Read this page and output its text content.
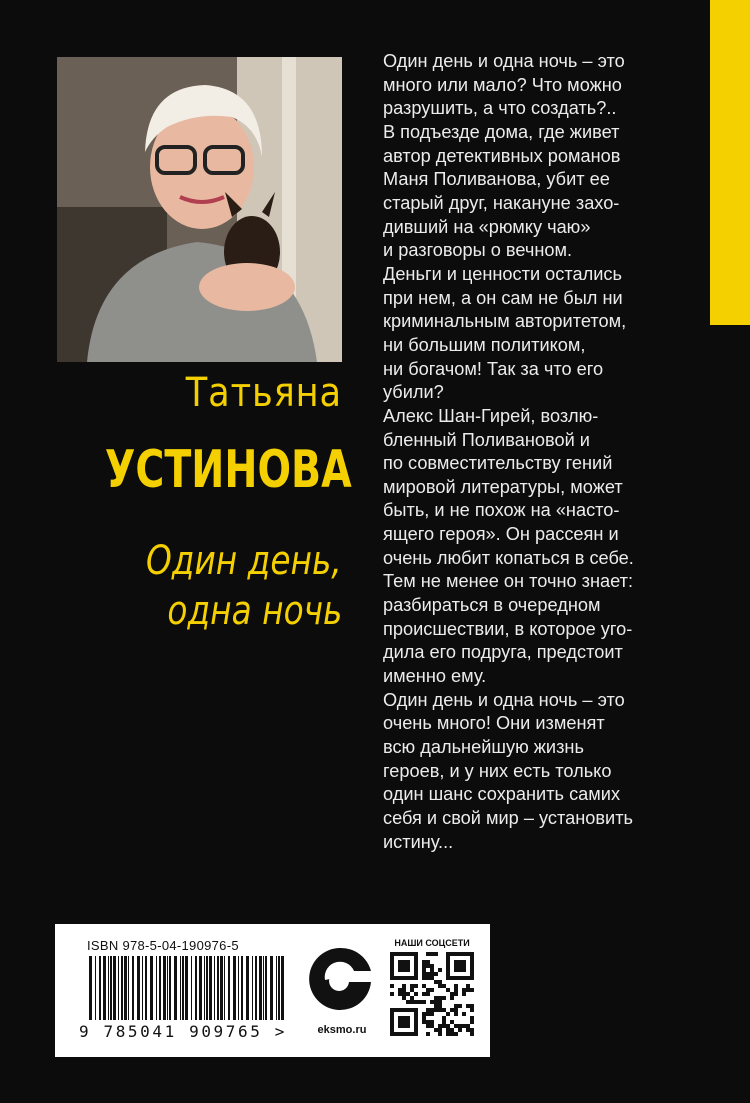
Татьяна
УСТИНОВА
Один день,
одна ночь
Один день и одна ночь – это
много или мало? Что можно
разрушить, а что создать?..
В подъезде дома, где живет
автор детективных романов
Маня Поливанова, убит ее
старый друг, накануне захо-
дивший на «рюмку чаю»
и разговоры о вечном.
Деньги и ценности остались
при нем, а он сам не был ни
криминальным авторитетом,
ни большим политиком,
ни богачом! Так за что его
убили?
Алекс Шан-Гирей, возлю-
бленный Поливановой и
по совместительству гений
мировой литературы, может
быть, и не похож на «насто-
ящего героя». Он рассеян и
очень любит копаться в себе.
Тем не менее он точно знает:
разбираться в очередном
происшествии, в которое уго-
дила его подруга, предстоит
именно ему.
Один день и одна ночь – это
очень много! Они изменят
всю дальнейшую жизнь
героев, и у них есть только
один шанс сохранить самих
себя и свой мир – установить
истину...
ISBN 978-5-04-190976-5
9 785041 909765 >	eksmo.ru
НАШИ СОЦСЕТИ
